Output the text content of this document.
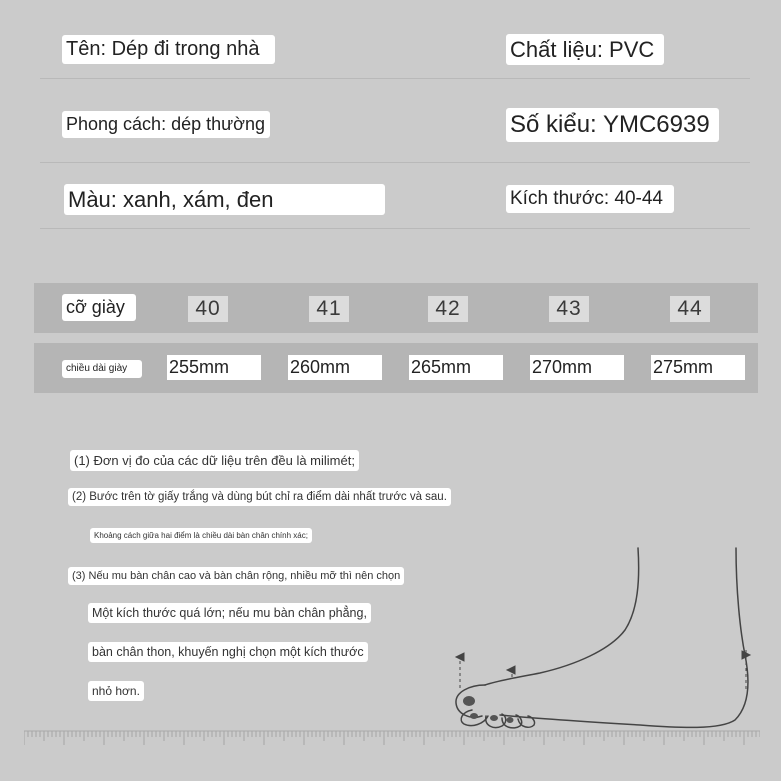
Tên: Dép đi trong nhà	Chất liệu: PVC
Phong cách: dép thường	Số kiểu: YMC6939
Màu: xanh, xám, đen	Kích thước: 40-44
cỡ giày	40	41	42	43	44
chiều dài giày	255mm	260mm	265mm	270mm	275mm
(1) Đơn vị đo của các dữ liệu trên đều là milimét;
(2) Bước trên tờ giấy trắng và dùng bút chỉ ra điểm dài nhất trước và sau.
Khoảng cách giữa hai điểm là chiều dài bàn chân chính xác;
(3) Nếu mu bàn chân cao và bàn chân rộng, nhiều mỡ thì nên chọn
Một kích thước quá lớn; nếu mu bàn chân phẳng,
bàn chân thon, khuyến nghị chọn một kích thước
nhỏ hơn.
